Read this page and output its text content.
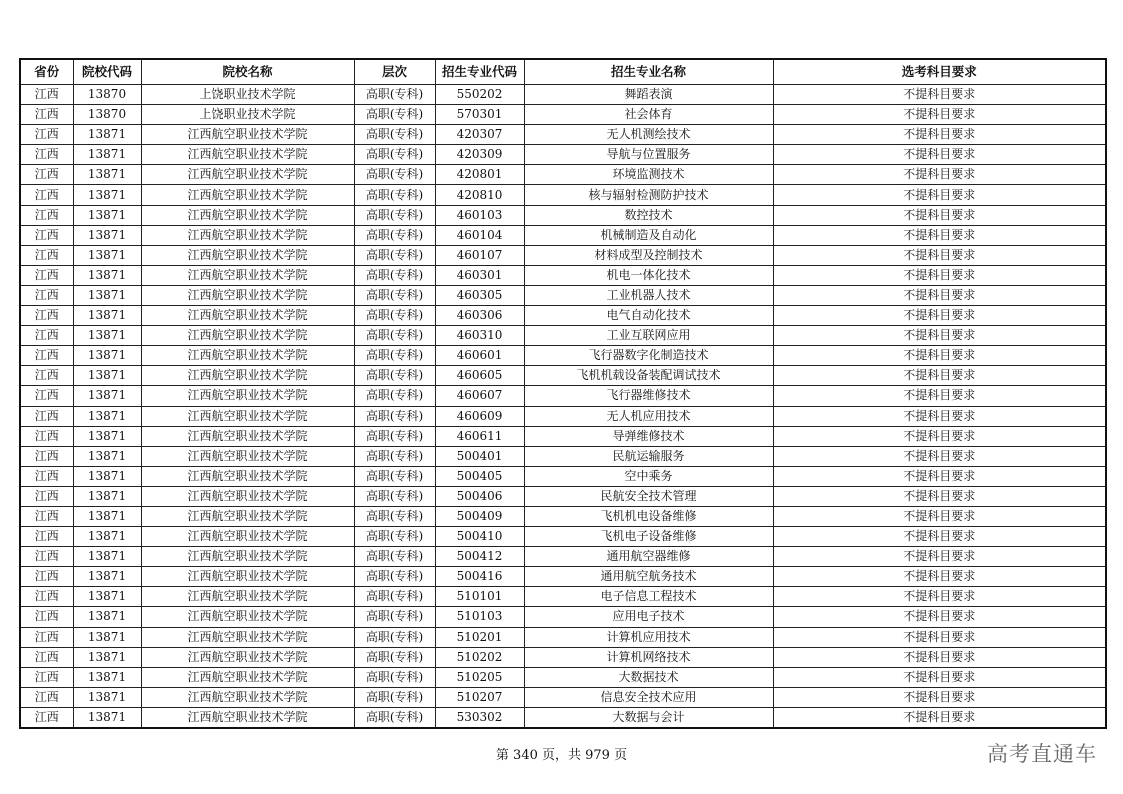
省份	院校代码	院校名称	层次	招生专业代码	招生专业名称	选考科目要求
江西	13870	上饶职业技术学院	高职(专科)	550202	舞蹈表演	不提科目要求
江西	13870	上饶职业技术学院	高职(专科)	570301	社会体育	不提科目要求
江西	13871	江西航空职业技术学院	高职(专科)	420307	无人机测绘技术	不提科目要求
江西	13871	江西航空职业技术学院	高职(专科)	420309	导航与位置服务	不提科目要求
江西	13871	江西航空职业技术学院	高职(专科)	420801	环境监测技术	不提科目要求
江西	13871	江西航空职业技术学院	高职(专科)	420810	核与辐射检测防护技术	不提科目要求
江西	13871	江西航空职业技术学院	高职(专科)	460103	数控技术	不提科目要求
江西	13871	江西航空职业技术学院	高职(专科)	460104	机械制造及自动化	不提科目要求
江西	13871	江西航空职业技术学院	高职(专科)	460107	材料成型及控制技术	不提科目要求
江西	13871	江西航空职业技术学院	高职(专科)	460301	机电一体化技术	不提科目要求
江西	13871	江西航空职业技术学院	高职(专科)	460305	工业机器人技术	不提科目要求
江西	13871	江西航空职业技术学院	高职(专科)	460306	电气自动化技术	不提科目要求
江西	13871	江西航空职业技术学院	高职(专科)	460310	工业互联网应用	不提科目要求
江西	13871	江西航空职业技术学院	高职(专科)	460601	飞行器数字化制造技术	不提科目要求
江西	13871	江西航空职业技术学院	高职(专科)	460605	飞机机载设备装配调试技术	不提科目要求
江西	13871	江西航空职业技术学院	高职(专科)	460607	飞行器维修技术	不提科目要求
江西	13871	江西航空职业技术学院	高职(专科)	460609	无人机应用技术	不提科目要求
江西	13871	江西航空职业技术学院	高职(专科)	460611	导弹维修技术	不提科目要求
江西	13871	江西航空职业技术学院	高职(专科)	500401	民航运输服务	不提科目要求
江西	13871	江西航空职业技术学院	高职(专科)	500405	空中乘务	不提科目要求
江西	13871	江西航空职业技术学院	高职(专科)	500406	民航安全技术管理	不提科目要求
江西	13871	江西航空职业技术学院	高职(专科)	500409	飞机机电设备维修	不提科目要求
江西	13871	江西航空职业技术学院	高职(专科)	500410	飞机电子设备维修	不提科目要求
江西	13871	江西航空职业技术学院	高职(专科)	500412	通用航空器维修	不提科目要求
江西	13871	江西航空职业技术学院	高职(专科)	500416	通用航空航务技术	不提科目要求
江西	13871	江西航空职业技术学院	高职(专科)	510101	电子信息工程技术	不提科目要求
江西	13871	江西航空职业技术学院	高职(专科)	510103	应用电子技术	不提科目要求
江西	13871	江西航空职业技术学院	高职(专科)	510201	计算机应用技术	不提科目要求
江西	13871	江西航空职业技术学院	高职(专科)	510202	计算机网络技术	不提科目要求
江西	13871	江西航空职业技术学院	高职(专科)	510205	大数据技术	不提科目要求
江西	13871	江西航空职业技术学院	高职(专科)	510207	信息安全技术应用	不提科目要求
江西	13871	江西航空职业技术学院	高职(专科)	530302	大数据与会计	不提科目要求
第 340 页，共 979 页	高考直通车
